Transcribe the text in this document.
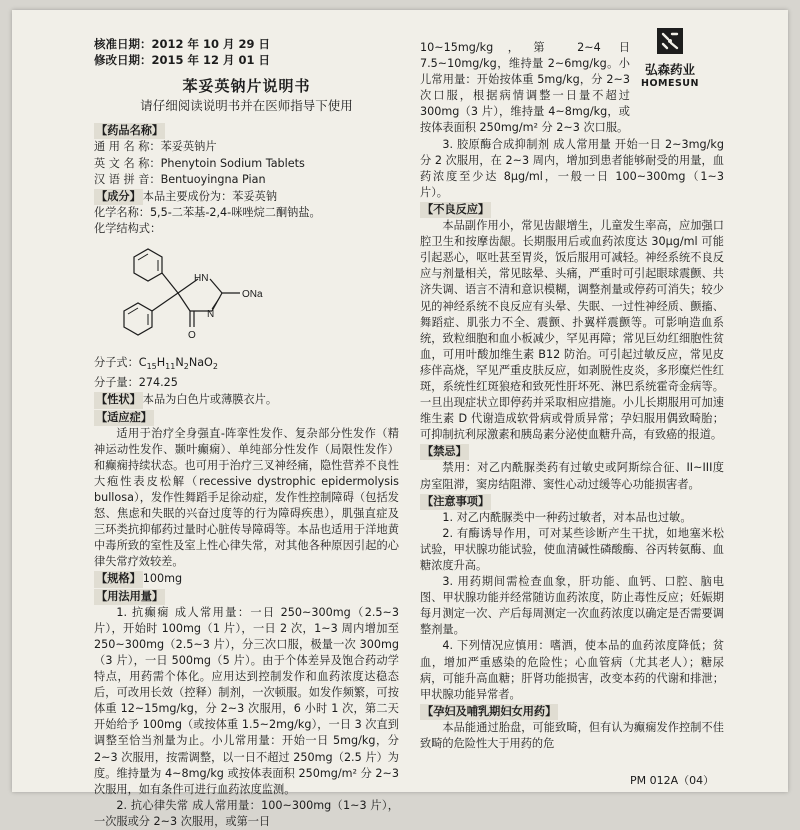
弘森药业
HOMESUN
核准日期：2012 年 10 月 29 日
修改日期：2015 年 12 月 01 日
苯妥英钠片说明书
请仔细阅读说明书并在医师指导下使用
【药品名称】
通 用 名 称：苯妥英钠片
英 文 名 称：Phenytoin Sodium Tablets
汉 语 拼 音：Bentuoyingna Pian
【成分】 本品主要成份为：苯妥英钠
化学名称：5,5-二苯基-2,4-咪唑烷二酮钠盐。
化学结构式：
ONa
N
HN
O
分子式：$C_{15}H_{11}N_2NaO_2$
分子量：274.25
【性状】 本品为白色片或薄膜衣片。
【适应症】
适用于治疗全身强直-阵挛性发作、复杂部分性发作（精神运动性发作、颞叶癫痫）、单纯部分性发作（局限性发作）和癫痫持续状态。也可用于治疗三叉神经痛，隐性营养不良性大疱性表皮松解（recessive dystrophic epidermolysis bullosa），发作性舞蹈手足徐动症，发作性控制障碍（包括发怒、焦虑和失眠的兴奋过度等的行为障碍疾患），肌强直症及三环类抗抑郁药过量时心脏传导障碍等。本品也适用于洋地黄中毒所致的室性及室上性心律失常，对其他各种原因引起的心律失常疗效较差。
【规格】 100mg
【用法用量】
1. 抗癫痫 成人常用量：一日 250~300mg（2.5~3 片），开始时 100mg（1 片），一日 2 次，1~3 周内增加至 250~300mg（2.5~3 片），分三次口服，极量一次 300mg（3 片），一日 500mg（5 片）。由于个体差异及饱合药动学特点，用药需个体化。应用达到控制发作和血药浓度达稳态后，可改用长效（控释）制剂，一次顿服。如发作频繁，可按体重 12~15mg/kg，分 2~3 次服用，6 小时 1 次，第二天开始给予 100mg（或按体重 1.5~2mg/kg），一日 3 次直到调整至恰当剂量为止。小儿常用量：开始一日 5mg/kg，分 2~3 次服用，按需调整，以一日不超过 250mg（2.5 片）为度。维持量为 4~8mg/kg 或按体表面积 250mg/m² 分 2~3 次服用，如有条件可进行血药浓度监测。
2. 抗心律失常 成人常用量：100~300mg（1~3 片），一次服或分 2~3 次服用，或第一日
10~15mg/kg，第 2~4 日 7.5~10mg/kg，维持量 2~6mg/kg。小儿常用量：开始按体重 5mg/kg，分 2~3 次口服，根据病情调整一日量不超过 300mg（3 片），维持量 4~8mg/kg，或按体表面积 250mg/m² 分 2~3 次口服。
3. 胶原酶合成抑制剂 成人常用量 开始一日 2~3mg/kg 分 2 次服用，在 2~3 周内，增加到患者能够耐受的用量，血药浓度至少达 8μg/ml，一般一日 100~300mg（1~3 片）。
【不良反应】
本品副作用小，常见齿龈增生，儿童发生率高，应加强口腔卫生和按摩齿龈。长期服用后或血药浓度达 30μg/ml 可能引起恶心，呕吐甚至胃炎，饭后服用可减轻。神经系统不良反应与剂量相关，常见眩晕、头痛，严重时可引起眼球震颤、共济失调、语言不清和意识模糊，调整剂量或停药可消失；较少见的神经系统不良反应有头晕、失眠、一过性神经质、颤搐、舞蹈症、肌张力不全、震颤、扑翼样震颤等。可影响造血系统，致粒细胞和血小板减少，罕见再障；常见巨幼红细胞性贫血，可用叶酸加维生素 B12 防治。可引起过敏反应，常见皮疹伴高烧，罕见严重皮肤反应，如剥脱性皮炎，多形糜烂性红斑，系统性红斑狼疮和致死性肝坏死、淋巴系统霍奇金病等。一旦出现症状立即停药并采取相应措施。小儿长期服用可加速维生素 D 代谢造成软骨病或骨质异常；孕妇服用偶致畸胎；可抑制抗利尿激素和胰岛素分泌使血糖升高，有致癌的报道。
【禁忌】
禁用：对乙内酰脲类药有过敏史或阿斯综合征、II~III度房室阻滞，窦房结阻滞、窦性心动过缓等心功能损害者。
【注意事项】
1. 对乙内酰脲类中一种药过敏者，对本品也过敏。
2. 有酶诱导作用，可对某些诊断产生干扰，如地塞米松试验，甲状腺功能试验，使血清碱性磷酸酶、谷丙转氨酶、血糖浓度升高。
3. 用药期间需检查血象，肝功能、血钙、口腔、脑电图、甲状腺功能并经常随访血药浓度，防止毒性反应；妊娠期每月测定一次、产后每周测定一次血药浓度以确定是否需要调整剂量。
4. 下列情况应慎用：嗜酒，使本品的血药浓度降低；贫血，增加严重感染的危险性；心血管病（尤其老人）；糖尿病，可能升高血糖；肝肾功能损害，改变本药的代谢和排泄；甲状腺功能异常者。
【孕妇及哺乳期妇女用药】
本品能通过胎盘，可能致畸，但有认为癫痫发作控制不佳致畸的危险性大于用药的危
PM 012A（04）
